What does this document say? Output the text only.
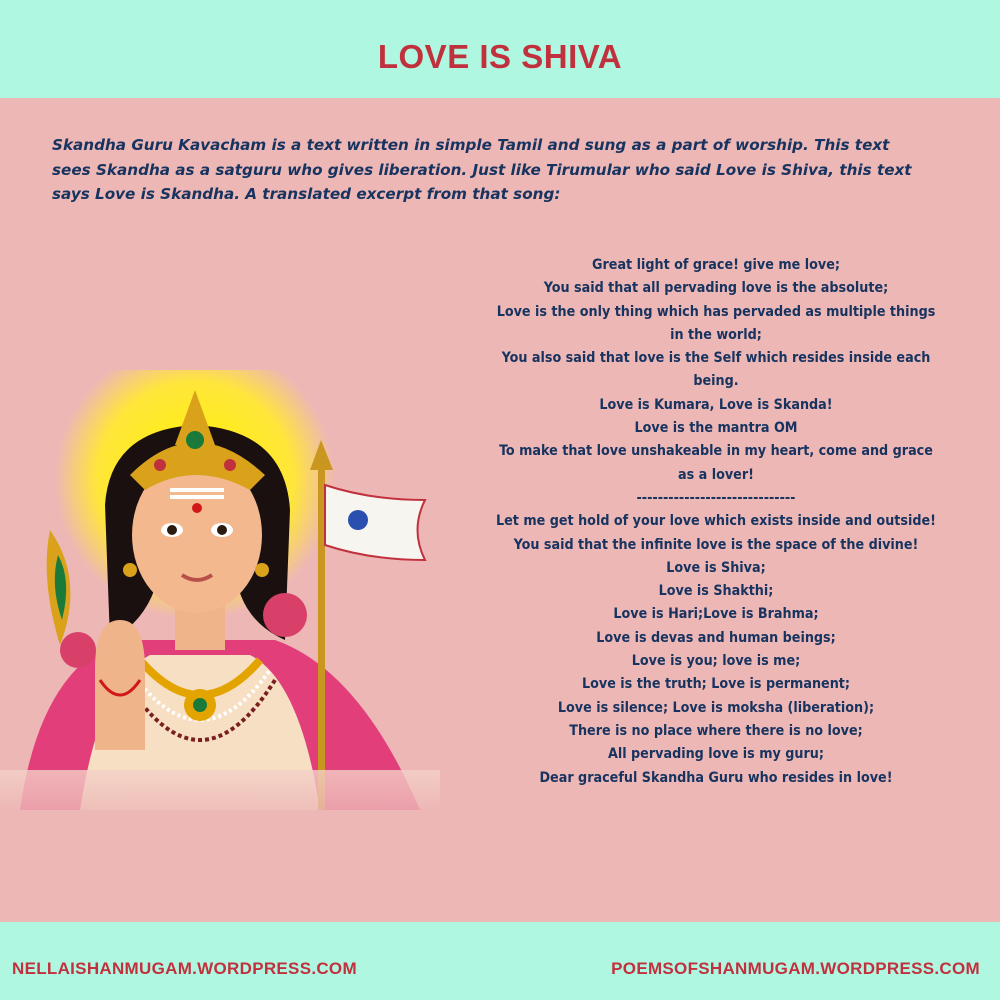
LOVE IS SHIVA
Skandha Guru Kavacham is a text written in simple Tamil and sung as a part of worship. This text sees Skandha as a satguru who gives liberation. Just like Tirumular who said Love is Shiva, this text says Love is Skandha. A translated excerpt from that song:
Great light of grace! give me love;
You said that all pervading love is the absolute;
Love is the only thing which has pervaded as multiple things in the world;
You also said that love is the Self which resides inside each being.
Love is Kumara, Love is Skanda!
Love is the mantra OM
To make that love unshakeable in my heart, come and grace as a lover!
------------------------------
Let me get hold of your love which exists inside and outside! You said that the infinite love is the space of the divine!
Love is Shiva;
Love is Shakthi;
Love is Hari;Love is Brahma;
Love is devas and human beings;
Love is you; love is me;
Love is the truth; Love is permanent;
Love is silence; Love is moksha (liberation);
There is no place where there is no love;
All pervading love is my guru;
Dear graceful Skandha Guru who resides in love!
NELLAISHANMUGAM.WORDPRESS.COM	POEMSOFSHANMUGAM.WORDPRESS.COM
